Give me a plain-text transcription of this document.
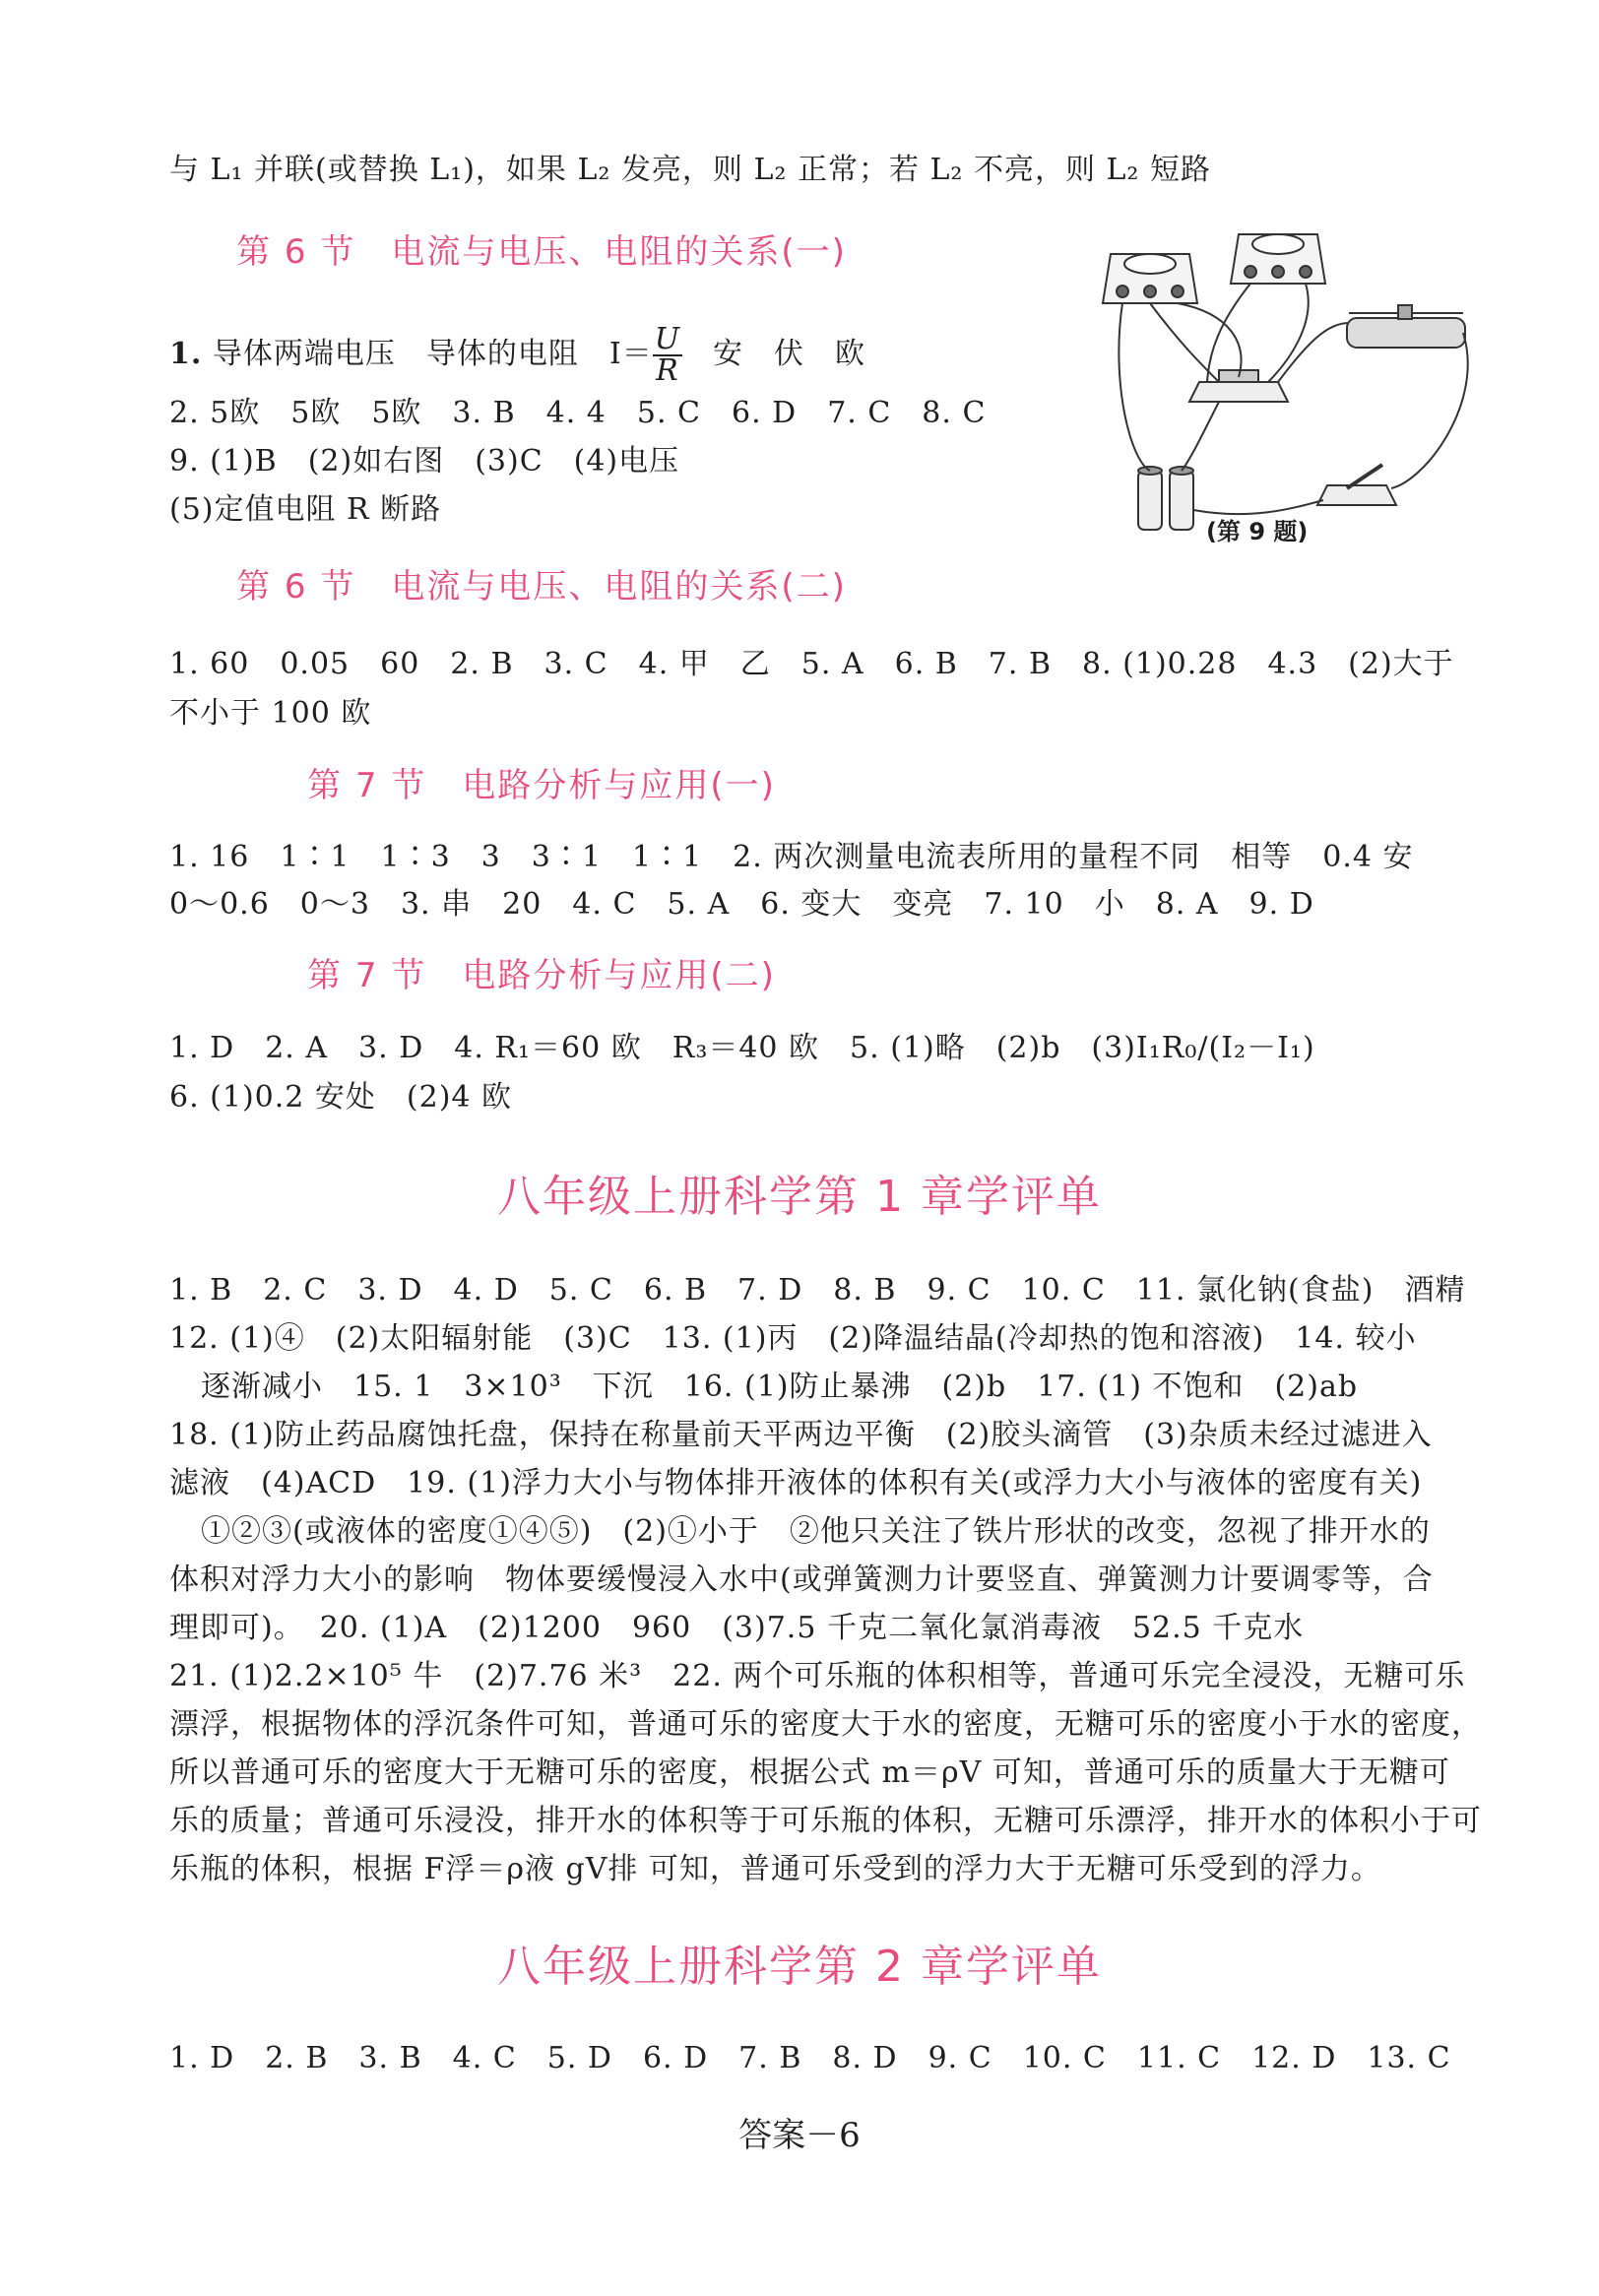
与 L₁ 并联(或替换 L₁)，如果 L₂ 发亮，则 L₂ 正常；若 L₂ 不亮，则 L₂ 短路
第 6 节　电流与电压、电阻的关系(一)
1. 导体两端电压　导体的电阻　$I= \frac{U}{R}$ 　安　伏　欧
2. 5欧　5欧　5欧　3. B　4. 4　5. C　6. D　7. C　8. C
9. (1)B　(2)如右图　(3)C　(4)电压
(5)定值电阻 R 断路
(第 9 题)
第 6 节　电流与电压、电阻的关系(二)
1. 60　0.05　60　2. B　3. C　4. 甲　乙　5. A　6. B　7. B　8. (1)0.28　4.3　(2)大于
不小于 100 欧
第 7 节　电路分析与应用(一)
1. 16　1∶1　1∶3　3　3∶1　1∶1　2. 两次测量电流表所用的量程不同　相等　0.4 安
0～0.6　0～3　3. 串　20　4. C　5. A　6. 变大　变亮　7. 10　小　8. A　9. D
第 7 节　电路分析与应用(二)
1. D　2. A　3. D　4. R₁＝60 欧　R₃＝40 欧　5. (1)略　(2)b　(3)I₁R₀/(I₂－I₁)
6. (1)0.2 安处　(2)4 欧
八年级上册科学第 1 章学评单
1. B　2. C　3. D　4. D　5. C　6. B　7. D　8. B　9. C　10. C　11. 氯化钠(食盐)　酒精
12. (1)④　(2)太阳辐射能　(3)C　13. (1)丙　(2)降温结晶(冷却热的饱和溶液)　14. 较小
逐渐减小　15. 1　3×10³　下沉　16. (1)防止暴沸　(2)b　17. (1) 不饱和　(2)ab
18. (1)防止药品腐蚀托盘，保持在称量前天平两边平衡　(2)胶头滴管　(3)杂质未经过滤进入
滤液　(4)ACD　19. (1)浮力大小与物体排开液体的体积有关(或浮力大小与液体的密度有关)
①②③(或液体的密度①④⑤)　(2)①小于　②他只关注了铁片形状的改变，忽视了排开水的
体积对浮力大小的影响　物体要缓慢浸入水中(或弹簧测力计要竖直、弹簧测力计要调零等，合
理即可)。　20. (1)A　(2)1200　960　(3)7.5 千克二氧化氯消毒液　52.5 千克水
21. (1)2.2×10⁵ 牛　(2)7.76 米³　22. 两个可乐瓶的体积相等，普通可乐完全浸没，无糖可乐
漂浮，根据物体的浮沉条件可知，普通可乐的密度大于水的密度，无糖可乐的密度小于水的密度，
所以普通可乐的密度大于无糖可乐的密度，根据公式 m＝ρV 可知，普通可乐的质量大于无糖可
乐的质量；普通可乐浸没，排开水的体积等于可乐瓶的体积，无糖可乐漂浮，排开水的体积小于可
乐瓶的体积，根据 F浮＝ρ液 gV排 可知，普通可乐受到的浮力大于无糖可乐受到的浮力。
八年级上册科学第 2 章学评单
1. D　2. B　3. B　4. C　5. D　6. D　7. B　8. D　9. C　10. C　11. C　12. D　13. C
答案－6
